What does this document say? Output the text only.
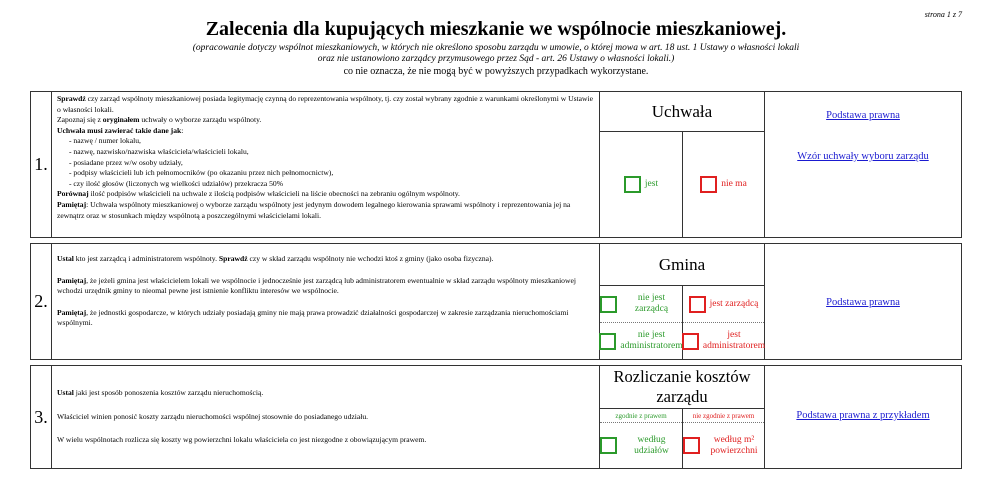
strona 1 z 7
Zalecenia dla kupujących mieszkanie we wspólnocie mieszkaniowej.
(opracowanie dotyczy wspólnot mieszkaniowych, w których nie określono sposobu zarządu w umowie, o której mowa w art. 18 ust. 1 Ustawy o własności lokali
oraz nie ustanowiono zarządcy przymusowego przez Sąd - art. 26 Ustawy o własności lokali.)
co nie oznacza, że nie mogą być w powyższych przypadkach wykorzystane.
1.

Sprawdź czy zarząd wspólnoty mieszkaniowej posiada legitymację czynną do reprezentowania wspólnoty, tj. czy został wybrany zgodnie z warunkami określonymi w Ustawie o własności lokali.

Zapoznaj się z oryginałem uchwały o wyborze zarządu wspólnoty.

Uchwała musi zawierać takie dane jak:

- nazwę / numer lokalu,

- nazwę, nazwisko/nazwiska właściciela/właścicieli lokalu,

- posiadane przez w/w osoby udziały,

- podpisy właścicieli lub ich pełnomocników (po okazaniu przez nich pełnomocnictw),

- czy ilość głosów (liczonych wg wielkości udziałów) przekracza 50%

Porównaj ilość podpisów właścicieli na uchwale z ilością podpisów właścicieli na liście obecności na zebraniu ogólnym wspólnoty.

Pamiętaj: Uchwała wspólnoty mieszkaniowej o wyborze zarządu wspólnoty jest jedynym dowodem legalnego kierowania sprawami wspólnoty i reprezentowania jej na zewnątrz oraz w stosunkach między wspólnotą a poszczególnymi właścicielami lokali.

Uchwała
jest	nie ma
Podstawa prawna
Wzór uchwały wyboru zarządu
2.

Ustal kto jest zarządcą i administratorem wspólnoty. Sprawdź czy w skład zarządu wspólnoty nie wchodzi ktoś z gminy (jako osoba fizyczna).

Pamiętaj, że jeżeli gmina jest właścicielem lokali we wspólnocie i jednocześnie jest zarządcą lub administratorem ewentualnie w skład zarządu wspólnoty mieszkaniowej wchodzi urzędnik gminy to nieomal pewne jest istnienie konfliktu interesów we wspólnocie.

Pamiętaj, że jednostki gospodarcze, w których udziały posiadają gminy nie mają prawa prowadzić działalności gospodarczej w zakresie zarządzania nieruchomościami wspólnymi.

Gmina
nie jest zarządcą
nie jest administratorem
jest zarządcą
jest administratorem
Podstawa prawna
3.

Ustal jaki jest sposób ponoszenia kosztów zarządu nieruchomością.

Właściciel winien ponosić koszty zarządu nieruchomości wspólnej stosownie do posiadanego udziału.

W wielu wspólnotach rozlicza się koszty wg powierzchni lokalu właściciela co jest niezgodne z obowiązującym prawem.

Rozliczanie kosztów zarządu
zgodnie z prawem
według udziałów
nie zgodnie z prawem
według m² powierzchni
Podstawa prawna z przykładem
